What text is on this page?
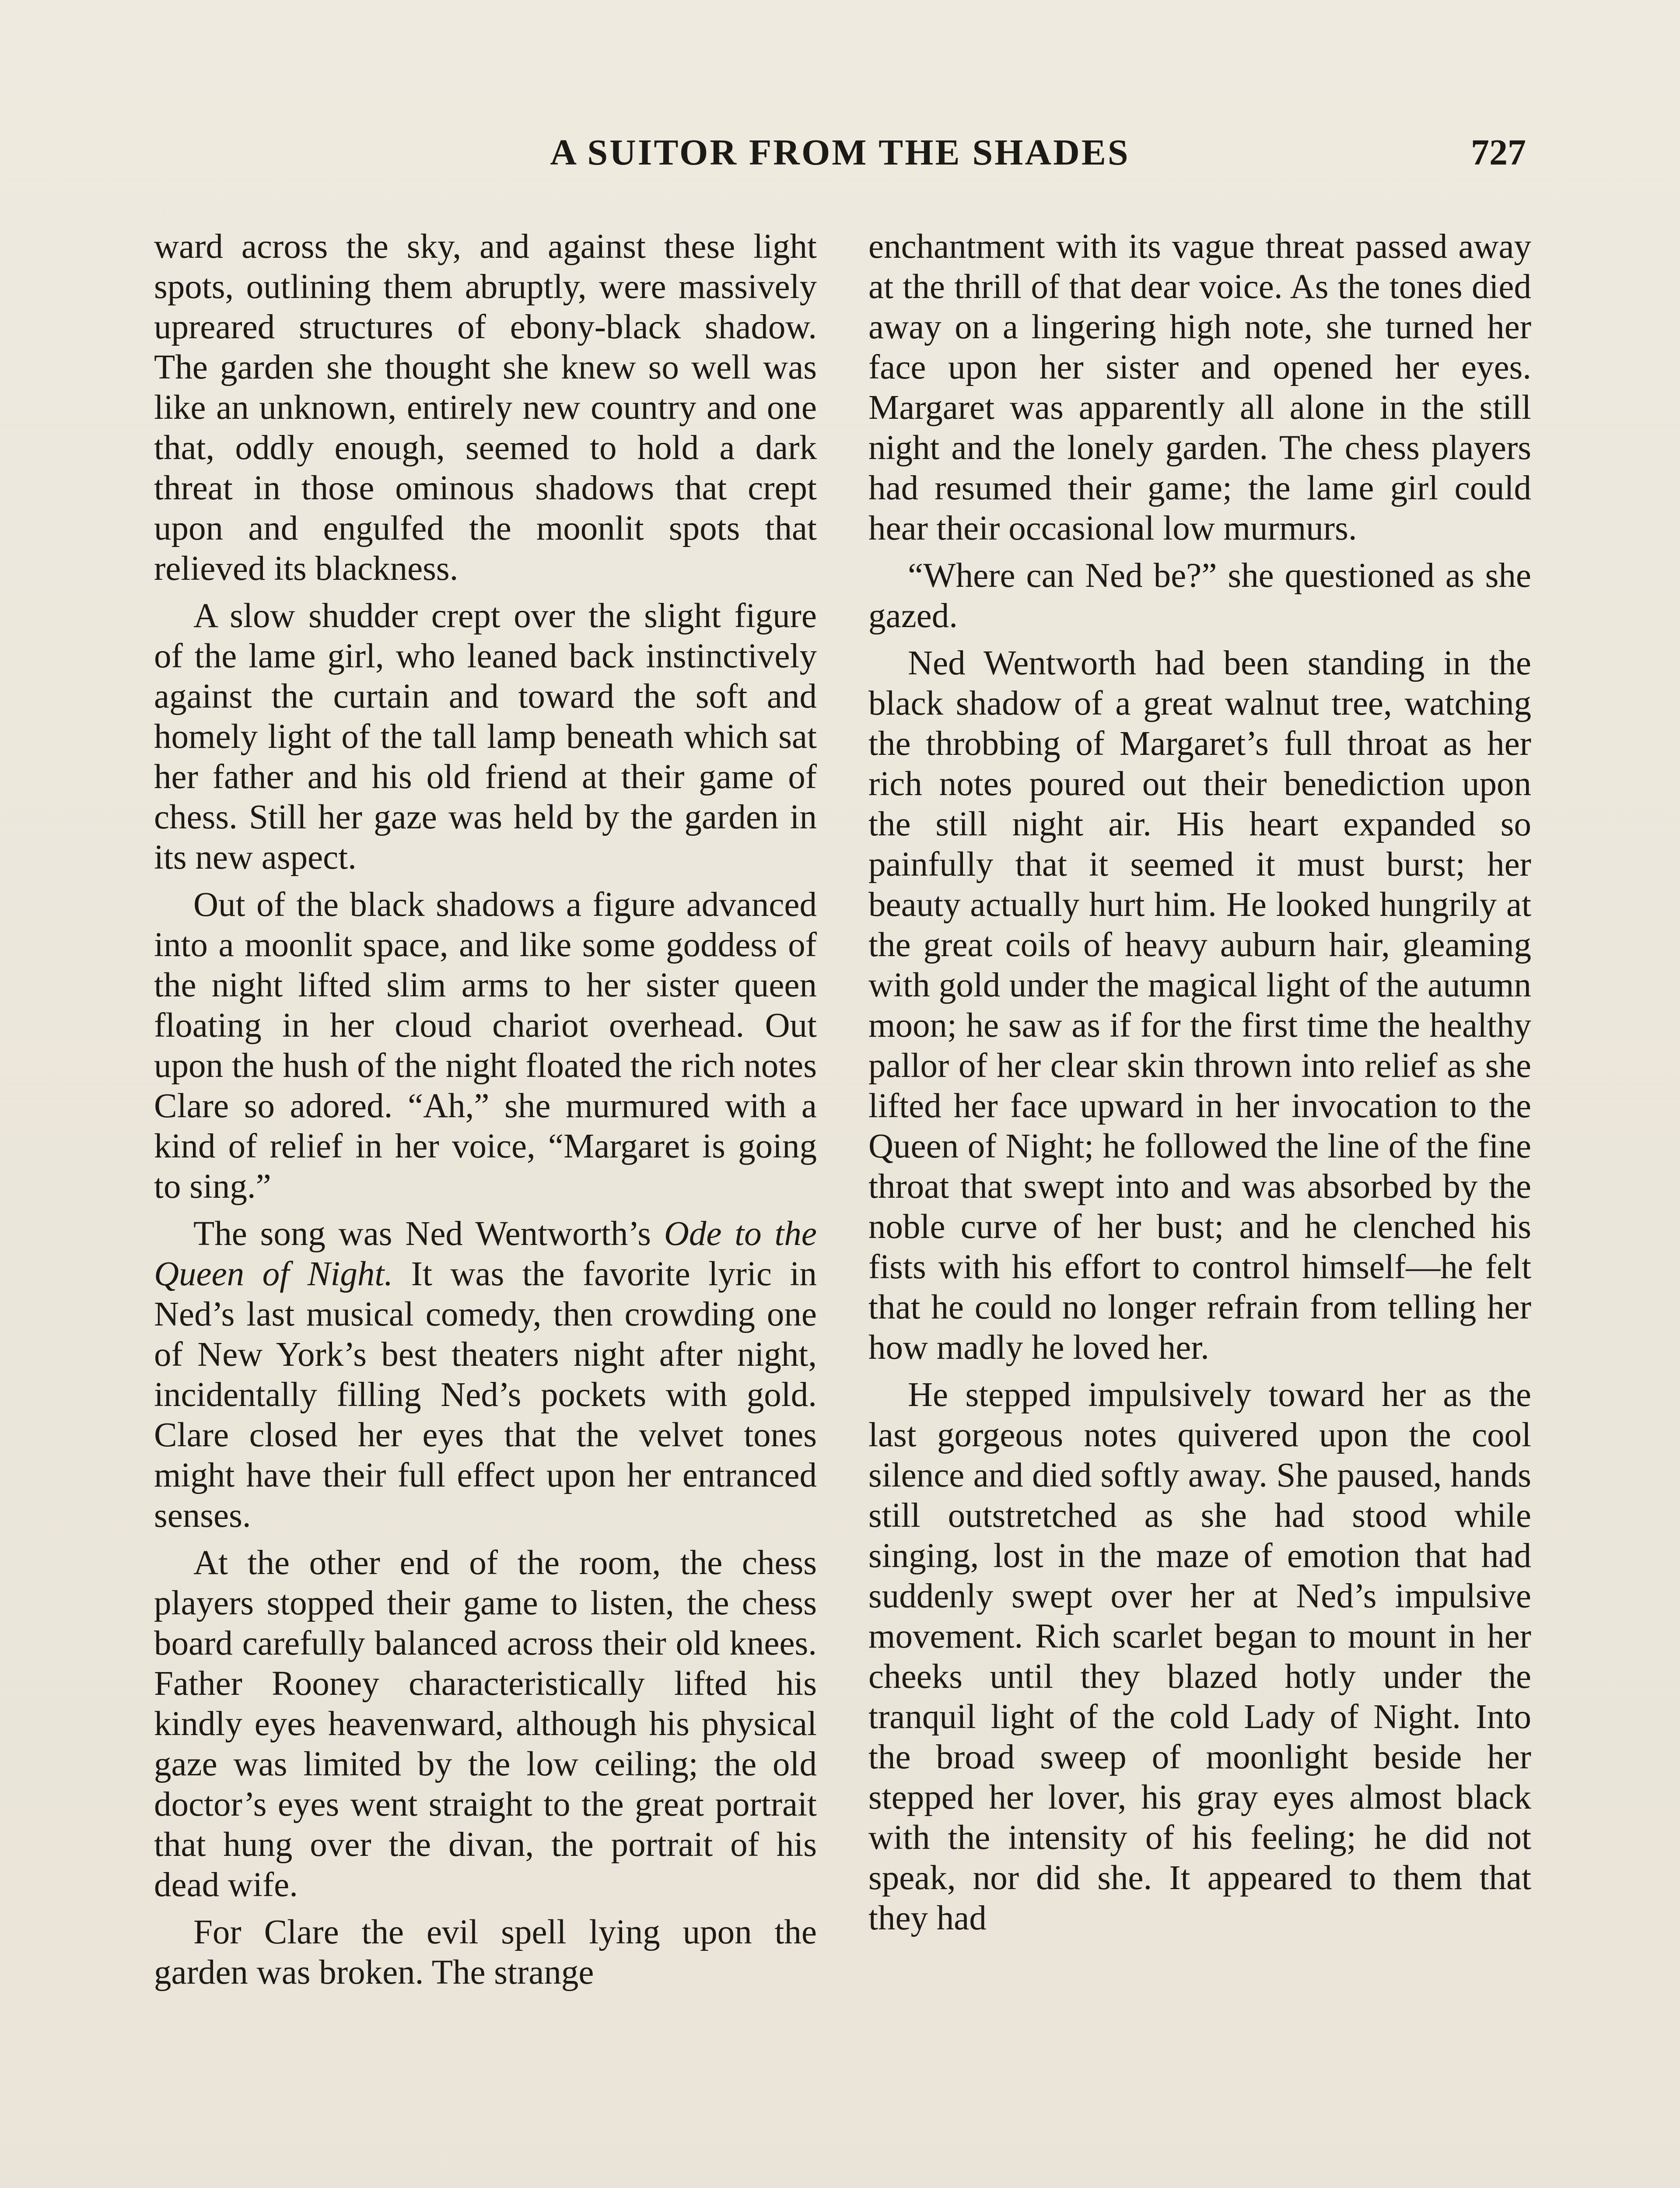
A SUITOR FROM THE SHADES	727

ward across the sky, and against these light spots, outlining them abruptly, were massively upreared structures of ebony-black shadow. The garden she thought she knew so well was like an unknown, entirely new country and one that, oddly enough, seemed to hold a dark threat in those ominous shadows that crept upon and engulfed the moonlit spots that relieved its blackness.

A slow shudder crept over the slight figure of the lame girl, who leaned back instinctively against the curtain and toward the soft and homely light of the tall lamp beneath which sat her father and his old friend at their game of chess. Still her gaze was held by the garden in its new aspect.

Out of the black shadows a figure advanced into a moonlit space, and like some goddess of the night lifted slim arms to her sister queen floating in her cloud chariot overhead. Out upon the hush of the night floated the rich notes Clare so adored. “Ah,” she murmured with a kind of relief in her voice, “Margaret is going to sing.”

The song was Ned Wentworth’s Ode to the Queen of Night. It was the favorite lyric in Ned’s last musical comedy, then crowding one of New York’s best theaters night after night, incidentally filling Ned’s pockets with gold. Clare closed her eyes that the velvet tones might have their full effect upon her entranced senses.

At the other end of the room, the chess players stopped their game to listen, the chess board carefully balanced across their old knees. Father Rooney characteristically lifted his kindly eyes heavenward, although his physical gaze was limited by the low ceiling; the old doctor’s eyes went straight to the great portrait that hung over the divan, the portrait of his dead wife.

For Clare the evil spell lying upon the garden was broken. The strange

enchantment with its vague threat passed away at the thrill of that dear voice. As the tones died away on a lingering high note, she turned her face upon her sister and opened her eyes. Margaret was apparently all alone in the still night and the lonely garden. The chess players had resumed their game; the lame girl could hear their occasional low murmurs.

“Where can Ned be?” she questioned as she gazed.

Ned Wentworth had been standing in the black shadow of a great walnut tree, watching the throbbing of Margaret’s full throat as her rich notes poured out their benediction upon the still night air. His heart expanded so painfully that it seemed it must burst; her beauty actually hurt him. He looked hungrily at the great coils of heavy auburn hair, gleaming with gold under the magical light of the autumn moon; he saw as if for the first time the healthy pallor of her clear skin thrown into relief as she lifted her face upward in her invocation to the Queen of Night; he followed the line of the fine throat that swept into and was absorbed by the noble curve of her bust; and he clenched his fists with his effort to control himself—he felt that he could no longer refrain from telling her how madly he loved her.

He stepped impulsively toward her as the last gorgeous notes quivered upon the cool silence and died softly away. She paused, hands still outstretched as she had stood while singing, lost in the maze of emotion that had suddenly swept over her at Ned’s impulsive movement. Rich scarlet began to mount in her cheeks until they blazed hotly under the tranquil light of the cold Lady of Night. Into the broad sweep of moonlight beside her stepped her lover, his gray eyes almost black with the intensity of his feeling; he did not speak, nor did she. It appeared to them that they had
